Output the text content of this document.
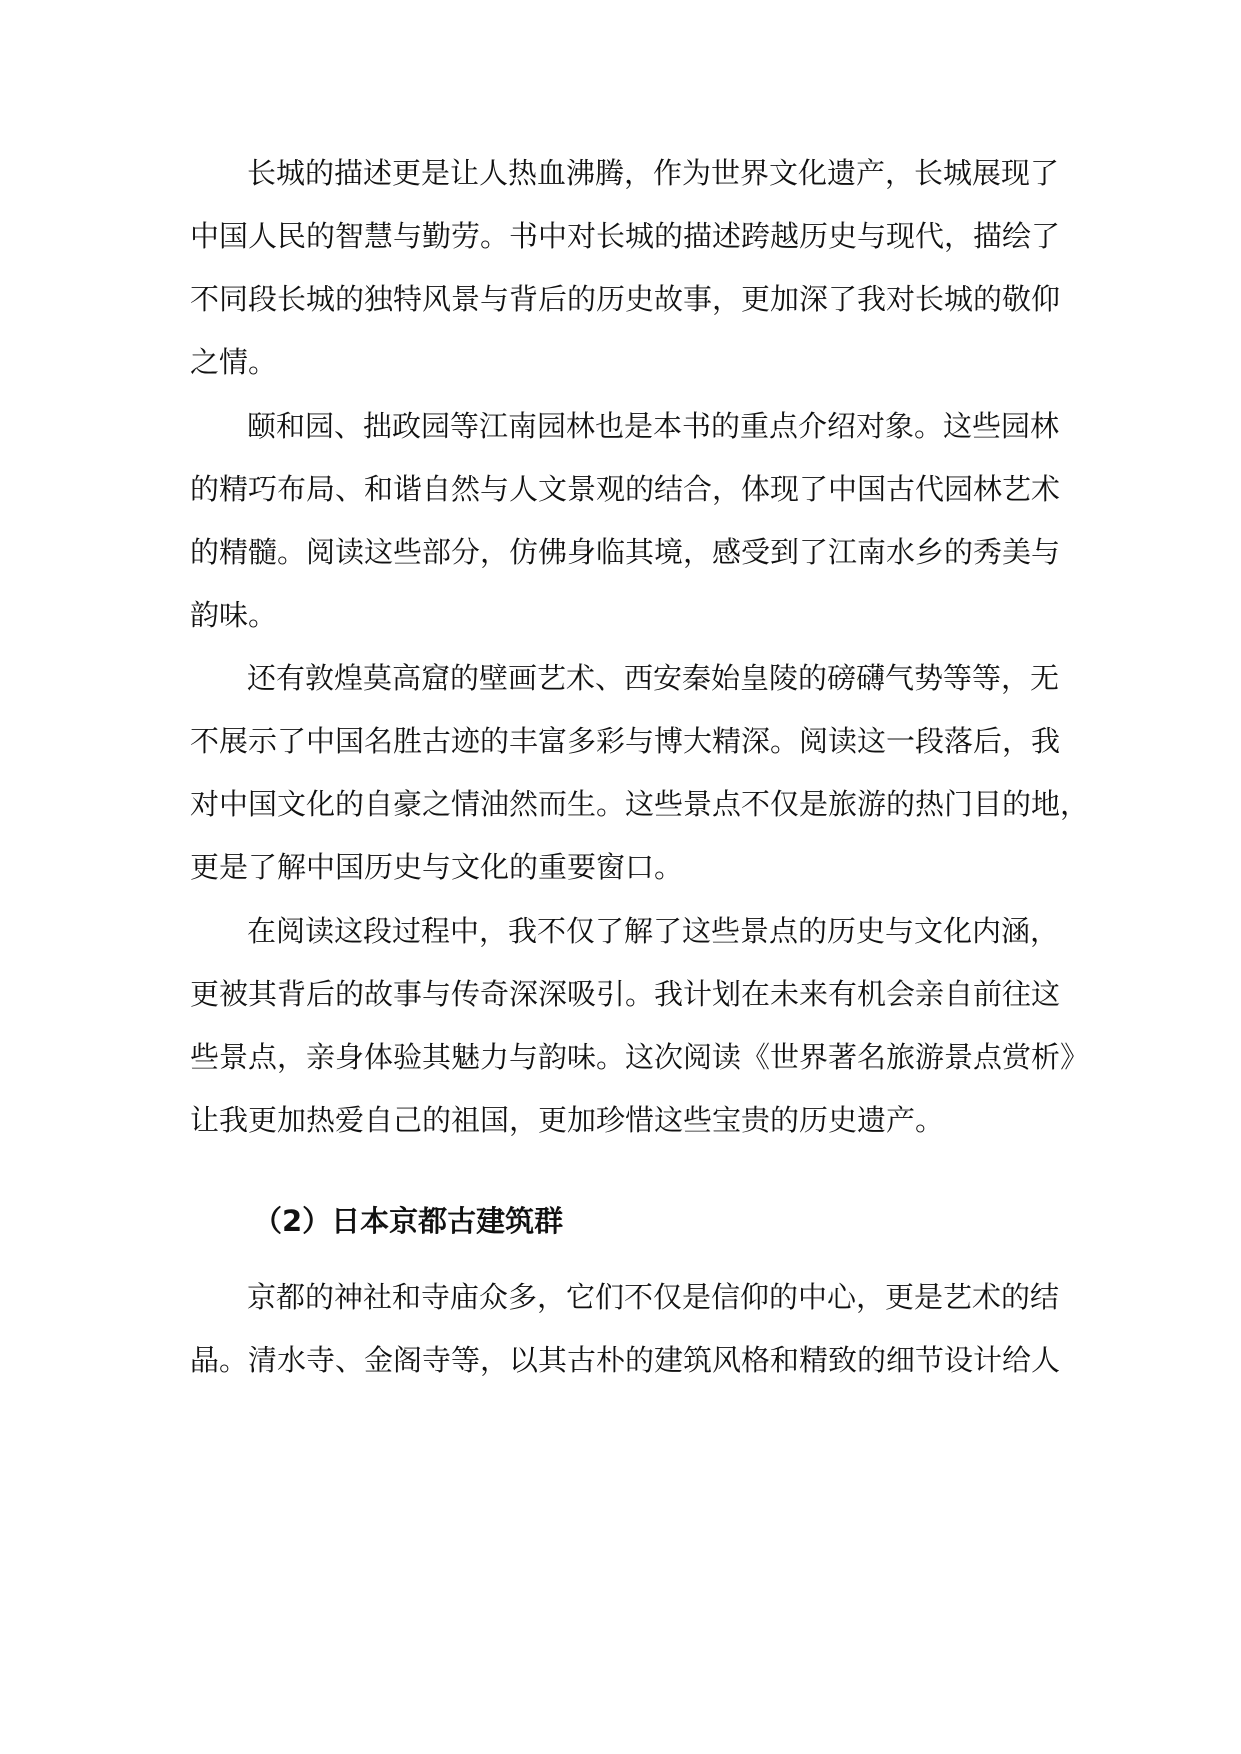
长城的描述更是让人热血沸腾，作为世界文化遗产，长城展现了
中国人民的智慧与勤劳。书中对长城的描述跨越历史与现代，描绘了
不同段长城的独特风景与背后的历史故事，更加深了我对长城的敬仰
之情。
颐和园、拙政园等江南园林也是本书的重点介绍对象。这些园林
的精巧布局、和谐自然与人文景观的结合，体现了中国古代园林艺术
的精髓。阅读这些部分，仿佛身临其境，感受到了江南水乡的秀美与
韵味。
还有敦煌莫高窟的壁画艺术、西安秦始皇陵的磅礴气势等等，无
不展示了中国名胜古迹的丰富多彩与博大精深。阅读这一段落后，我
对中国文化的自豪之情油然而生。这些景点不仅是旅游的热门目的地，
更是了解中国历史与文化的重要窗口。
在阅读这段过程中，我不仅了解了这些景点的历史与文化内涵，
更被其背后的故事与传奇深深吸引。我计划在未来有机会亲自前往这
些景点，亲身体验其魅力与韵味。这次阅读《世界著名旅游景点赏析》
让我更加热爱自己的祖国，更加珍惜这些宝贵的历史遗产。
（2）日本京都古建筑群
京都的神社和寺庙众多，它们不仅是信仰的中心，更是艺术的结
晶。清水寺、金阁寺等，以其古朴的建筑风格和精致的细节设计给人
